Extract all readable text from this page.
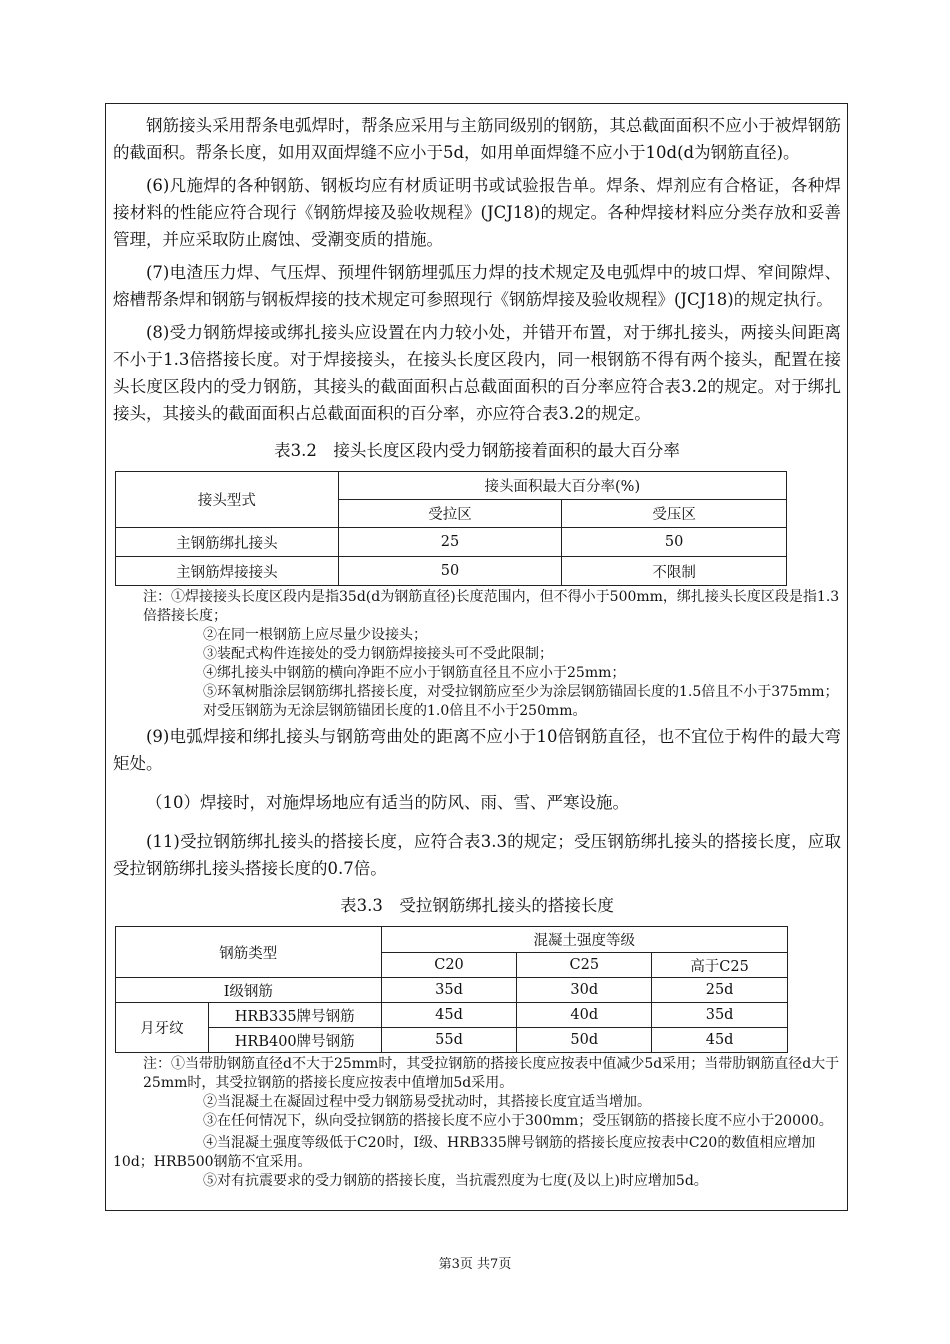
钢筋接头采用帮条电弧焊时，帮条应采用与主筋同级别的钢筋，其总截面面积不应小于被焊钢筋的截面积。帮条长度，如用双面焊缝不应小于5d，如用单面焊缝不应小于10d(d为钢筋直径)。

(6)凡施焊的各种钢筋、钢板均应有材质证明书或试验报告单。焊条、焊剂应有合格证，各种焊接材料的性能应符合现行《钢筋焊接及验收规程》(JCJ18)的规定。各种焊接材料应分类存放和妥善管理，并应采取防止腐蚀、受潮变质的措施。

(7)电渣压力焊、气压焊、预埋件钢筋埋弧压力焊的技术规定及电弧焊中的坡口焊、窄间隙焊、熔槽帮条焊和钢筋与钢板焊接的技术规定可参照现行《钢筋焊接及验收规程》(JCJ18)的规定执行。

(8)受力钢筋焊接或绑扎接头应设置在内力较小处，并错开布置，对于绑扎接头，两接头间距离不小于1.3倍搭接长度。对于焊接接头，在接头长度区段内，同一根钢筋不得有两个接头，配置在接头长度区段内的受力钢筋，其接头的截面面积占总截面面积的百分率应符合表3.2的规定。对于绑扎接头，其接头的截面面积占总截面面积的百分率，亦应符合表3.2的规定。

表3.2　接头长度区段内受力钢筋接着面积的最大百分率
接头型式	接头面积最大百分率(%)	
	受拉区	受压区
主钢筋绑扎接头	25	50
主钢筋焊接接头	50	不限制

注：①焊接接头长度区段内是指35d(d为钢筋直径)长度范围内，但不得小于500mm，绑扎接头长度区段是指1.3倍搭接长度；

②在同一根钢筋上应尽量少设接头；

③装配式构件连接处的受力钢筋焊接接头可不受此限制；

④绑扎接头中钢筋的横向净距不应小于钢筋直径且不应小于25mm；

⑤环氧树脂涂层钢筋绑扎搭接长度，对受拉钢筋应至少为涂层钢筋锚固长度的1.5倍且不小于375mm；对受压钢筋为无涂层钢筋锚团长度的1.0倍且不小于250mm。

(9)电弧焊接和绑扎接头与钢筋弯曲处的距离不应小于10倍钢筋直径，也不宜位于构件的最大弯矩处。

（10）焊接时，对施焊场地应有适当的防风、雨、雪、严寒设施。

(11)受拉钢筋绑扎接头的搭接长度，应符合表3.3的规定；受压钢筋绑扎接头的搭接长度，应取受拉钢筋绑扎接头搭接长度的0.7倍。

表3.3　受拉钢筋绑扎接头的搭接长度
钢筋类型		混凝土强度等级		
		C20	C25	高于C25
Ⅰ级钢筋		35d	30d	25d
月牙纹	HRB335牌号钢筋	45d	40d	35d
	HRB400牌号钢筋	55d	50d	45d

注：①当带肋钢筋直径d不大于25mm时，其受拉钢筋的搭接长度应按表中值减少5d采用；当带肋钢筋直径d大于25mm时，其受拉钢筋的搭接长度应按表中值增加5d采用。

②当混凝土在凝固过程中受力钢筋易受扰动时，其搭接长度宜适当增加。

③在任何情况下，纵向受拉钢筋的搭接长度不应小于300mm；受压钢筋的搭接长度不应小于20000。

④当混凝土强度等级低于C20时，Ⅰ级、HRB335牌号钢筋的搭接长度应按表中C20的数值相应增加10d；HRB500钢筋不宜采用。

⑤对有抗震要求的受力钢筋的搭接长度，当抗震烈度为七度(及以上)时应增加5d。

第3页 共7页
